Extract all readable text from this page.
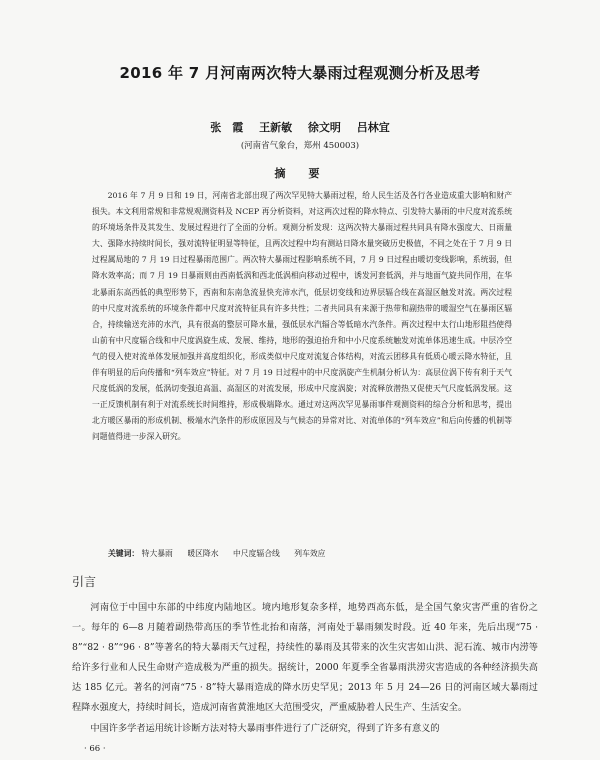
2016 年 7 月河南两次特大暴雨过程观测分析及思考
张　霞 王新敏 徐文明 吕林宜
(河南省气象台，郑州 450003)
摘　要

2016 年 7 月 9 日和 19 日，河南省北部出现了两次罕见特大暴雨过程，给人民生活及各行各业造成重大影响和财产损失。本文利用常规和非常规观测资料及 NCEP 再分析资料，对这两次过程的降水特点、引发特大暴雨的中尺度对流系统的环境场条件及其发生、发展过程进行了全面的分析。观测分析发现：这两次特大暴雨过程共同具有降水强度大、日雨量大、强降水持续时间长，强对流特征明显等特征，且两次过程中均有测站日降水量突破历史极值，不同之处在于 7 月 9 日过程属局地的 7 月 19 日过程暴雨范围广。两次特大暴雨过程影响系统不同，7 月 9 日过程由暖切变线影响，系统弱，但降水效率高；而 7 月 19 日暴雨则由西南低涡和西北低涡相向移动过程中，诱发河套低涡，并与地面气旋共同作用，在华北暴雨东高西低的典型形势下，西南和东南急流显快充沛水汽，低层切变线和边界层辐合线在高湿区触发对流。两次过程的中尺度对流系统的环境条件都中尺度对流特征具有许多共性；二者共同具有来源于热带和副热带的暖湿空气在暴雨区辐合，持续输送充沛的水汽，具有很高的整层可降水量，强低层水汽辐合等低暗水汽条件。两次过程中太行山地形阻挡使得山前有中尺度辐合线和中尺度涡旋生成、发展、维持，地形的强迫抬升和中小尺度系统触发对流单体迅速生成。中层冷空气的侵入使对流单体发展加强并高度组织化，形成类似中尺度对流复合体结构，对流云团移具有低质心暖云降水特征，且伴有明显的后向传播和“列车效应”特征。对 7 月 19 日过程中的中尺度涡旋产生机制分析认为：高层位涡下传有利于天气尺度低涡的发展，低涡切变强迫高温、高湿区的对流发展，形成中尺度涡旋；对流释放潜热又促使天气尺度低涡发展。这一正反馈机制有利于对流系统长时间维持，形成极端降水。通过对这两次罕见暴雨事件观测资料的综合分析和思考，提出北方暖区暴雨的形成机制、极端水汽条件的形成原因及与气候态的异常对比、对流单体的“列车效应”和后向传播的机制等问题值得进一步深入研究。

关键词： 特大暴雨 暖区降水 中尺度辐合线 列车效应
引言

河南位于中国中东部的中纬度内陆地区。境内地形复杂多样，地势西高东低，是全国气象灾害严重的省份之一。每年的 6—8 月随着副热带高压的季节性北抬和南落，河南处于暴雨频发时段。近 40 年来，先后出现“75 · 8”“82 · 8”“96 · 8”等著名的特大暴雨天气过程，持续性的暴雨及其带来的次生灾害如山洪、泥石流、城市内涝等给许多行业和人民生命财产造成极为严重的损失。据统计，2000 年夏季全省暴雨洪涝灾害造成的各种经济损失高达 185 亿元。著名的河南“75 · 8”特大暴雨造成的降水历史罕见；2013 年 5 月 24—26 日的河南区域大暴雨过程降水强度大，持续时间长，造成河南省黄淮地区大范围受灾，严重威胁着人民生产、生活安全。

中国许多学者运用统计诊断方法对特大暴雨事件进行了广泛研究，得到了许多有意义的

· 66 ·
